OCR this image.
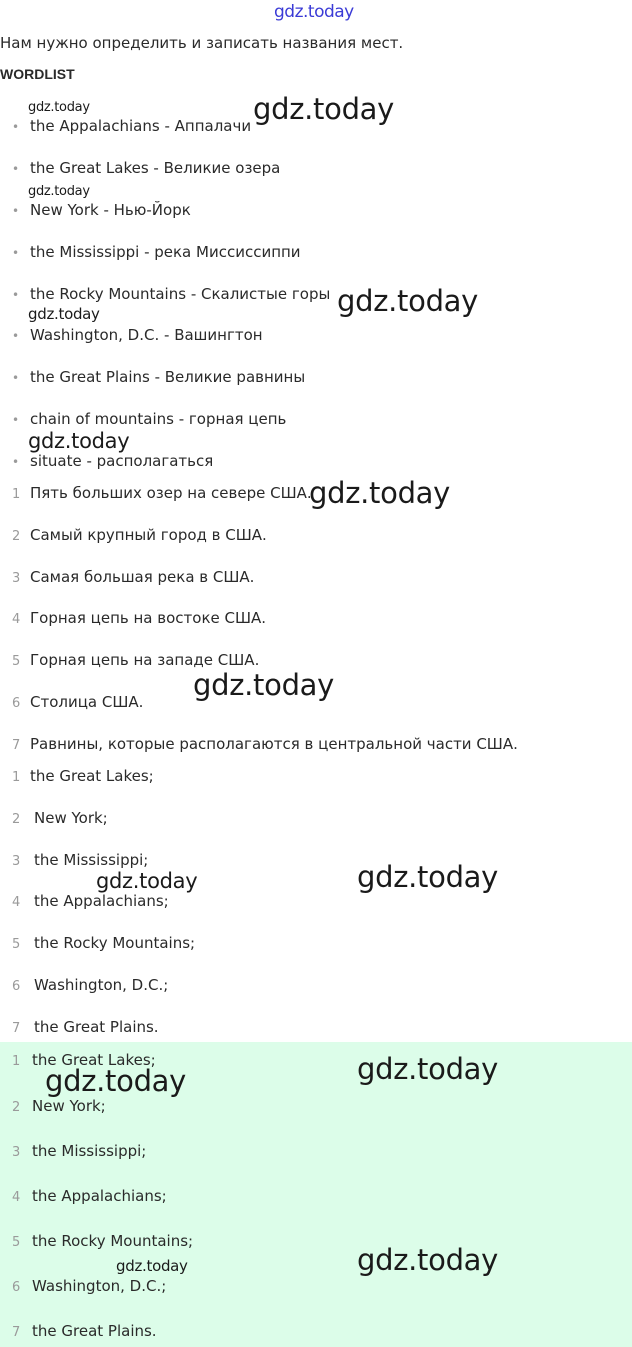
gdz.today
Нам нужно определить и записать названия мест.
WORDLIST
• the Appalachians - Аппалачи
• the Great Lakes - Великие озера
• New York - Нью-Йорк
• the Mississippi - река Миссиссиппи
• the Rocky Mountains - Скалистые горы
• Washington, D.C. - Вашингтон
• the Great Plains - Великие равнины
• chain of mountains - горная цепь
• situate - располагаться
1 Пять больших озер на севере США.
2 Самый крупный город в США.
3 Самая большая река в США.
4 Горная цепь на востоке США.
5 Горная цепь на западе США.
6 Столица США.
7 Равнины, которые располагаются в центральной части США.
1 the Great Lakes;
2 New York;
3 the Mississippi;
4 the Appalachians;
5 the Rocky Mountains;
6 Washington, D.C.;
7 the Great Plains.
1 the Great Lakes;
2 New York;
3 the Mississippi;
4 the Appalachians;
5 the Rocky Mountains;
6 Washington, D.C.;
7 the Great Plains.
gdz.today	gdz.today
gdz.today
gdz.today
gdz.today
gdz.today
gdz.today
gdz.today
gdz.today	gdz.today
gdz.today	gdz.today
gdz.today	gdz.today
